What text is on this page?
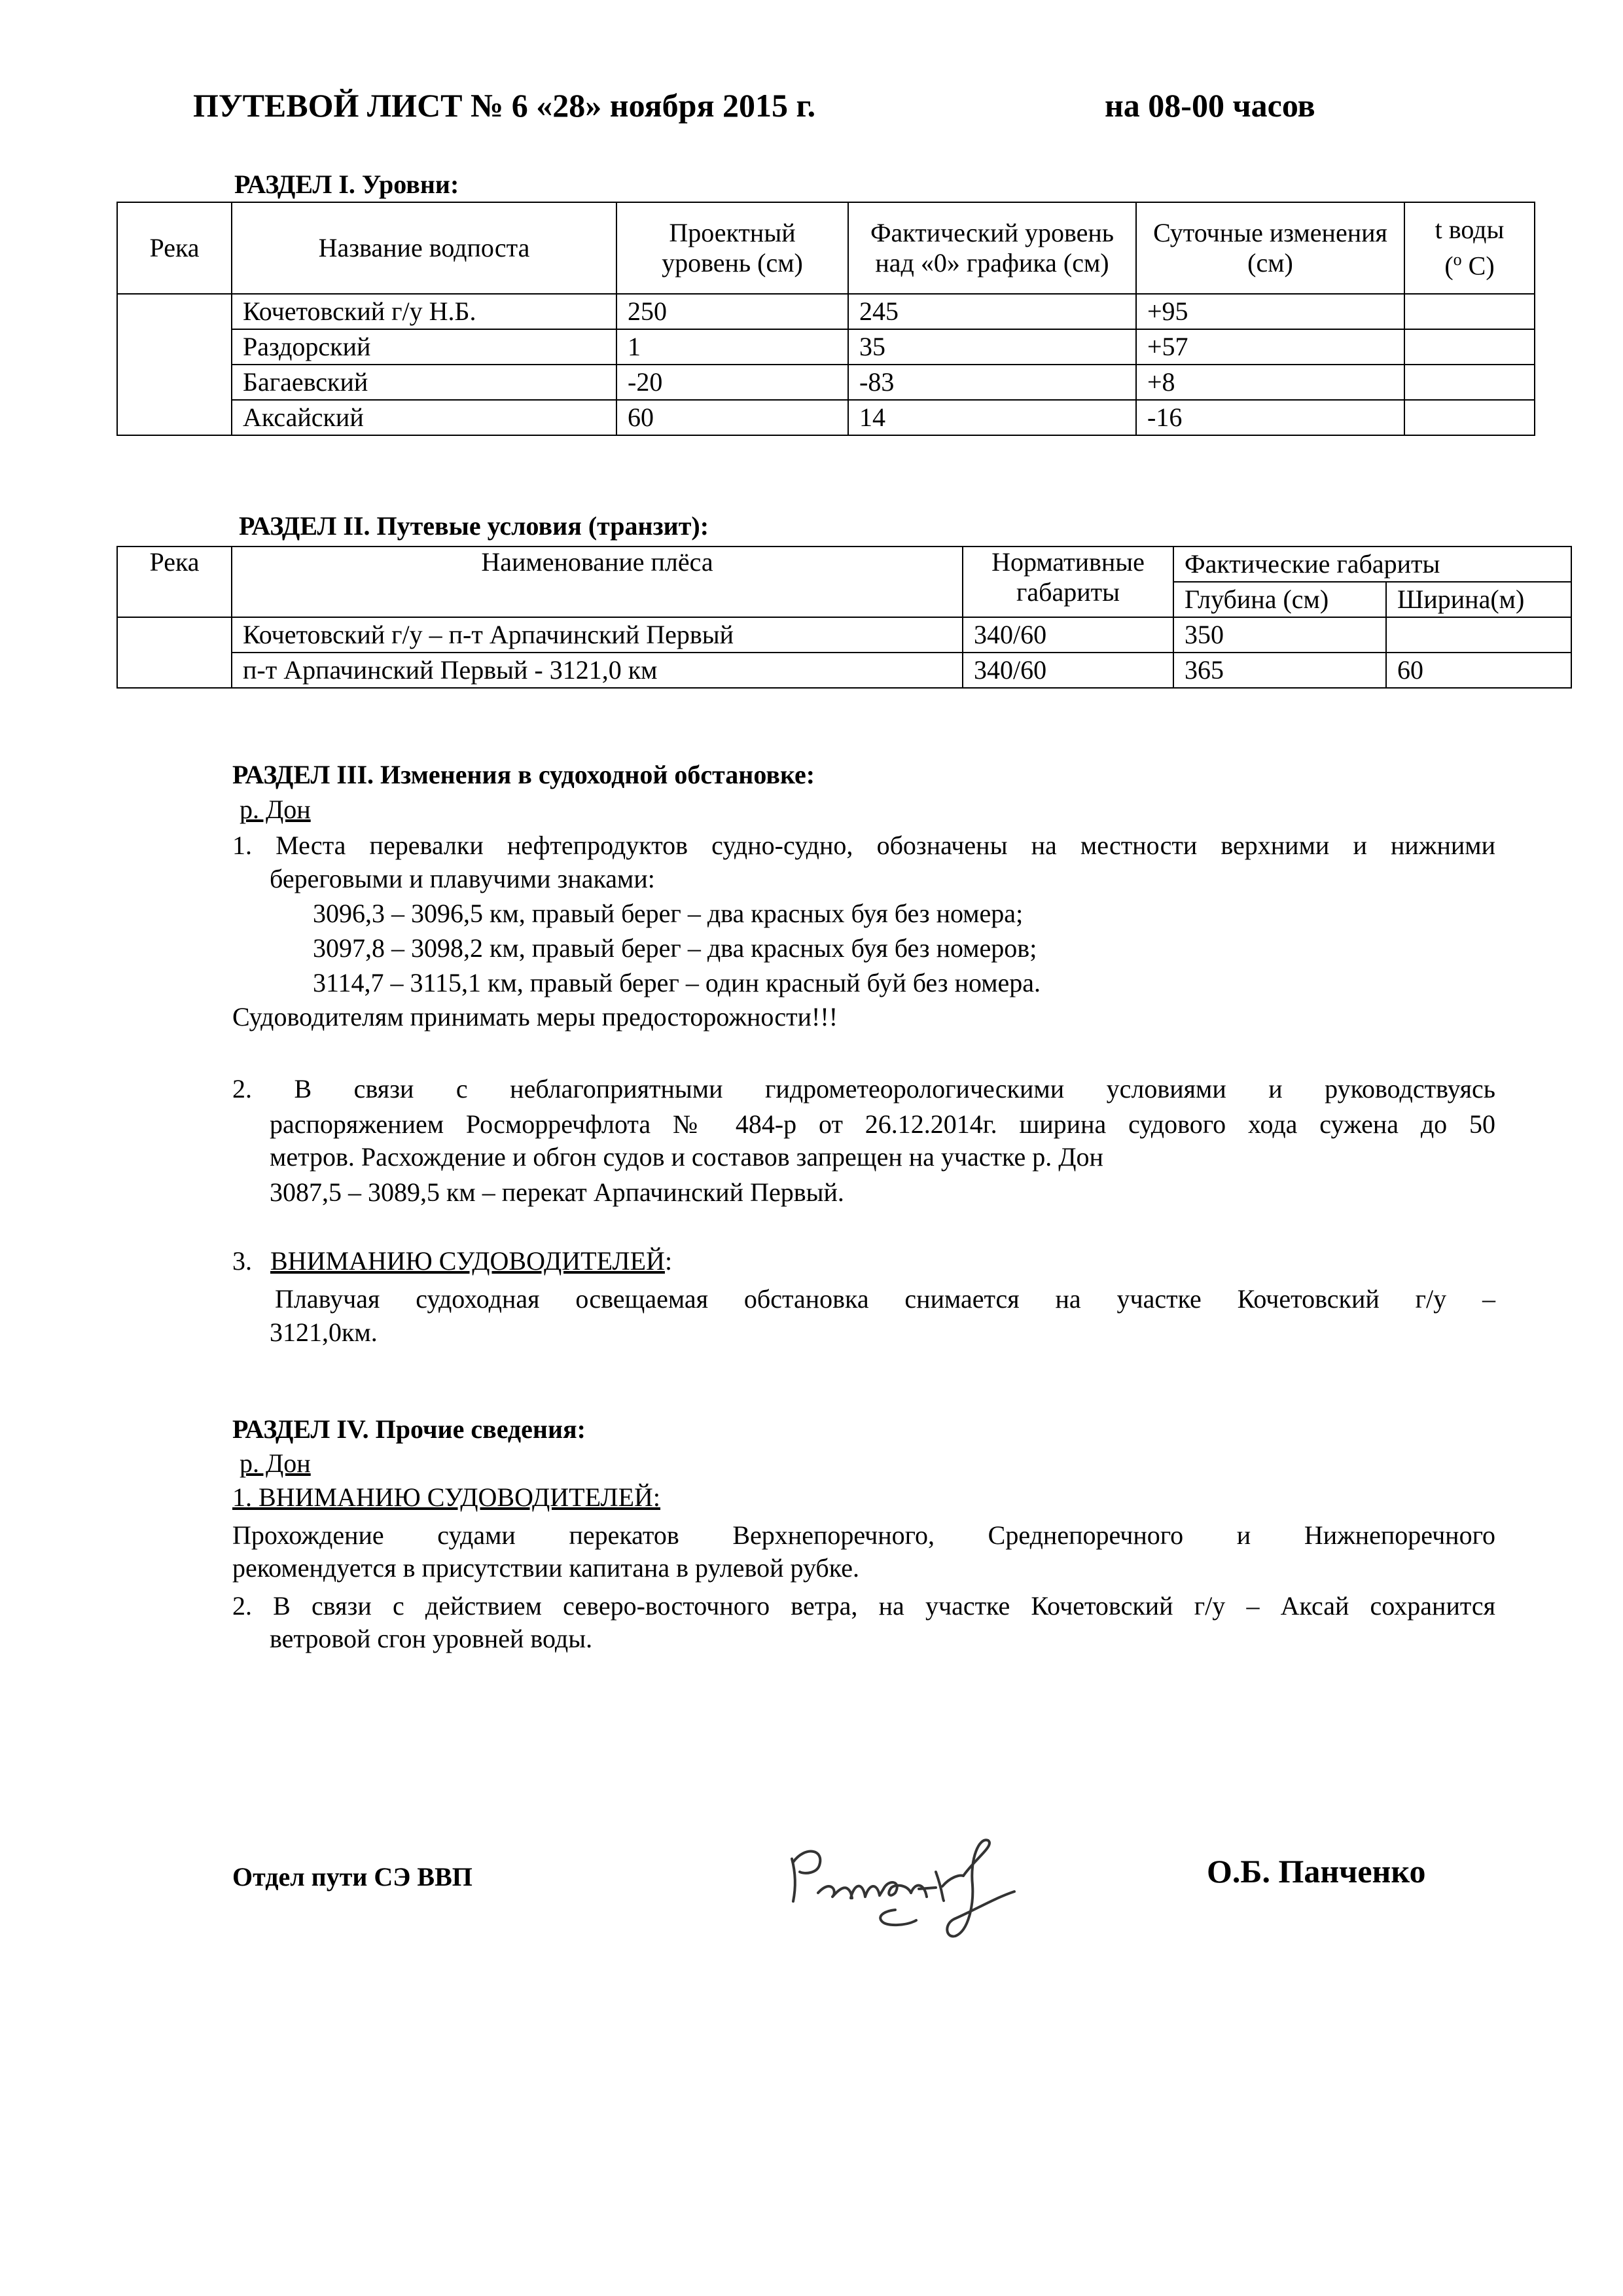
ПУТЕВОЙ ЛИСТ № 6 «28» ноября 2015 г.	на 08-00 часов
РАЗДЕЛ I. Уровни:
Река	Название водпоста	Проектный уровень (см)	Фактический уровень над «0» графика (см)	Суточные изменения (см)	t воды
($^o$ С)

	Кочетовский г/у Н.Б.	250	245	+95	
	Раздорский	1	35	+57	
	Багаевский	-20	-83	+8	
	Аксайский	60	14	-16	
РАЗДЕЛ II. Путевые условия (транзит):
Река	Наименование плёса	Нормативные габариты	Фактические габариты	
			Глубина (см)	Ширина(м)
	Кочетовский г/у – п-т Арпачинский Первый	340/60	350	
	п-т Арпачинский Первый - 3121,0 км	340/60	365	60
РАЗДЕЛ III. Изменения в судоходной обстановке:
р. Дон
1. Места перевалки нефтепродуктов судно-судно, обозначены на местности верхними и нижними
береговыми и плавучими знаками:
3096,3 – 3096,5 км, правый берег – два красных буя без номера;
3097,8 – 3098,2 км, правый берег – два красных буя без номеров;
3114,7 – 3115,1 км, правый берег – один красный буй без номера.
Судоводителям принимать меры предосторожности!!!
2. В связи с неблагоприятными гидрометеорологическими условиями и руководствуясь
распоряжением Росморречфлота № 484-р от 26.12.2014г. ширина судового хода сужена до 50
метров. Расхождение и обгон судов и составов запрещен на участке р. Дон
3087,5 – 3089,5 км – перекат Арпачинский Первый.
3. ВНИМАНИЮ СУДОВОДИТЕЛЕЙ:
Плавучая судоходная освещаемая обстановка снимается на участке Кочетовский г/у –
3121,0км.
РАЗДЕЛ IV. Прочие сведения:
р. Дон
1. ВНИМАНИЮ СУДОВОДИТЕЛЕЙ:
Прохождение судами перекатов Верхнепоречного, Среднепоречного и Нижнепоречного
рекомендуется в присутствии капитана в рулевой рубке.
2. В связи с действием северо-восточного ветра, на участке Кочетовский г/у – Аксай сохранится
ветровой сгон уровней воды.
Отдел пути СЭ ВВП	О.Б. Панченко
